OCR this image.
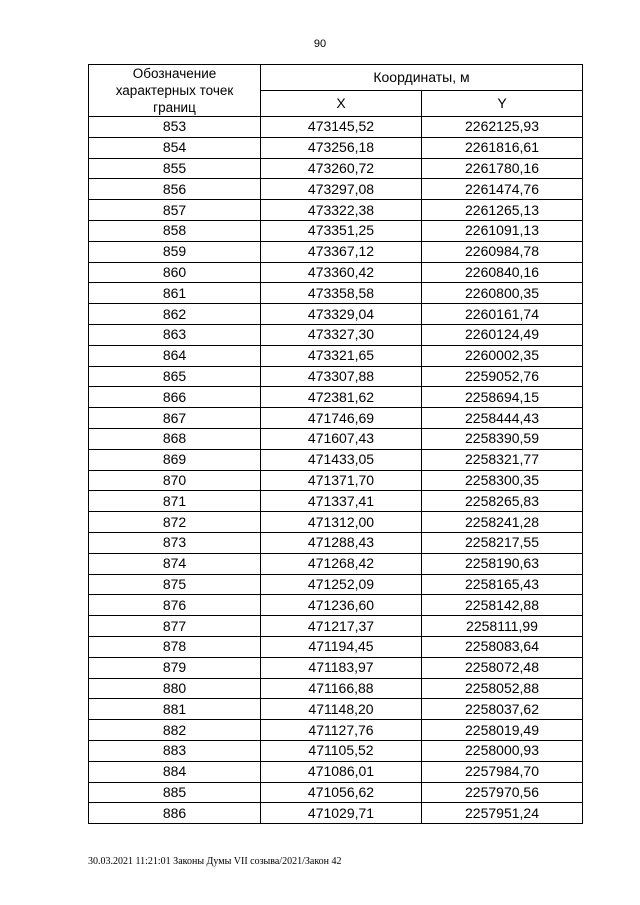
90
Обозначение
характерных точек
границ	Координаты, м	
	X	Y
853	473145,52	2262125,93
854	473256,18	2261816,61
855	473260,72	2261780,16
856	473297,08	2261474,76
857	473322,38	2261265,13
858	473351,25	2261091,13
859	473367,12	2260984,78
860	473360,42	2260840,16
861	473358,58	2260800,35
862	473329,04	2260161,74
863	473327,30	2260124,49
864	473321,65	2260002,35
865	473307,88	2259052,76
866	472381,62	2258694,15
867	471746,69	2258444,43
868	471607,43	2258390,59
869	471433,05	2258321,77
870	471371,70	2258300,35
871	471337,41	2258265,83
872	471312,00	2258241,28
873	471288,43	2258217,55
874	471268,42	2258190,63
875	471252,09	2258165,43
876	471236,60	2258142,88
877	471217,37	2258111,99
878	471194,45	2258083,64
879	471183,97	2258072,48
880	471166,88	2258052,88
881	471148,20	2258037,62
882	471127,76	2258019,49
883	471105,52	2258000,93
884	471086,01	2257984,70
885	471056,62	2257970,56
886	471029,71	2257951,24
30.03.2021 11:21:01 Законы Думы VII созыва/2021/Закон 42
